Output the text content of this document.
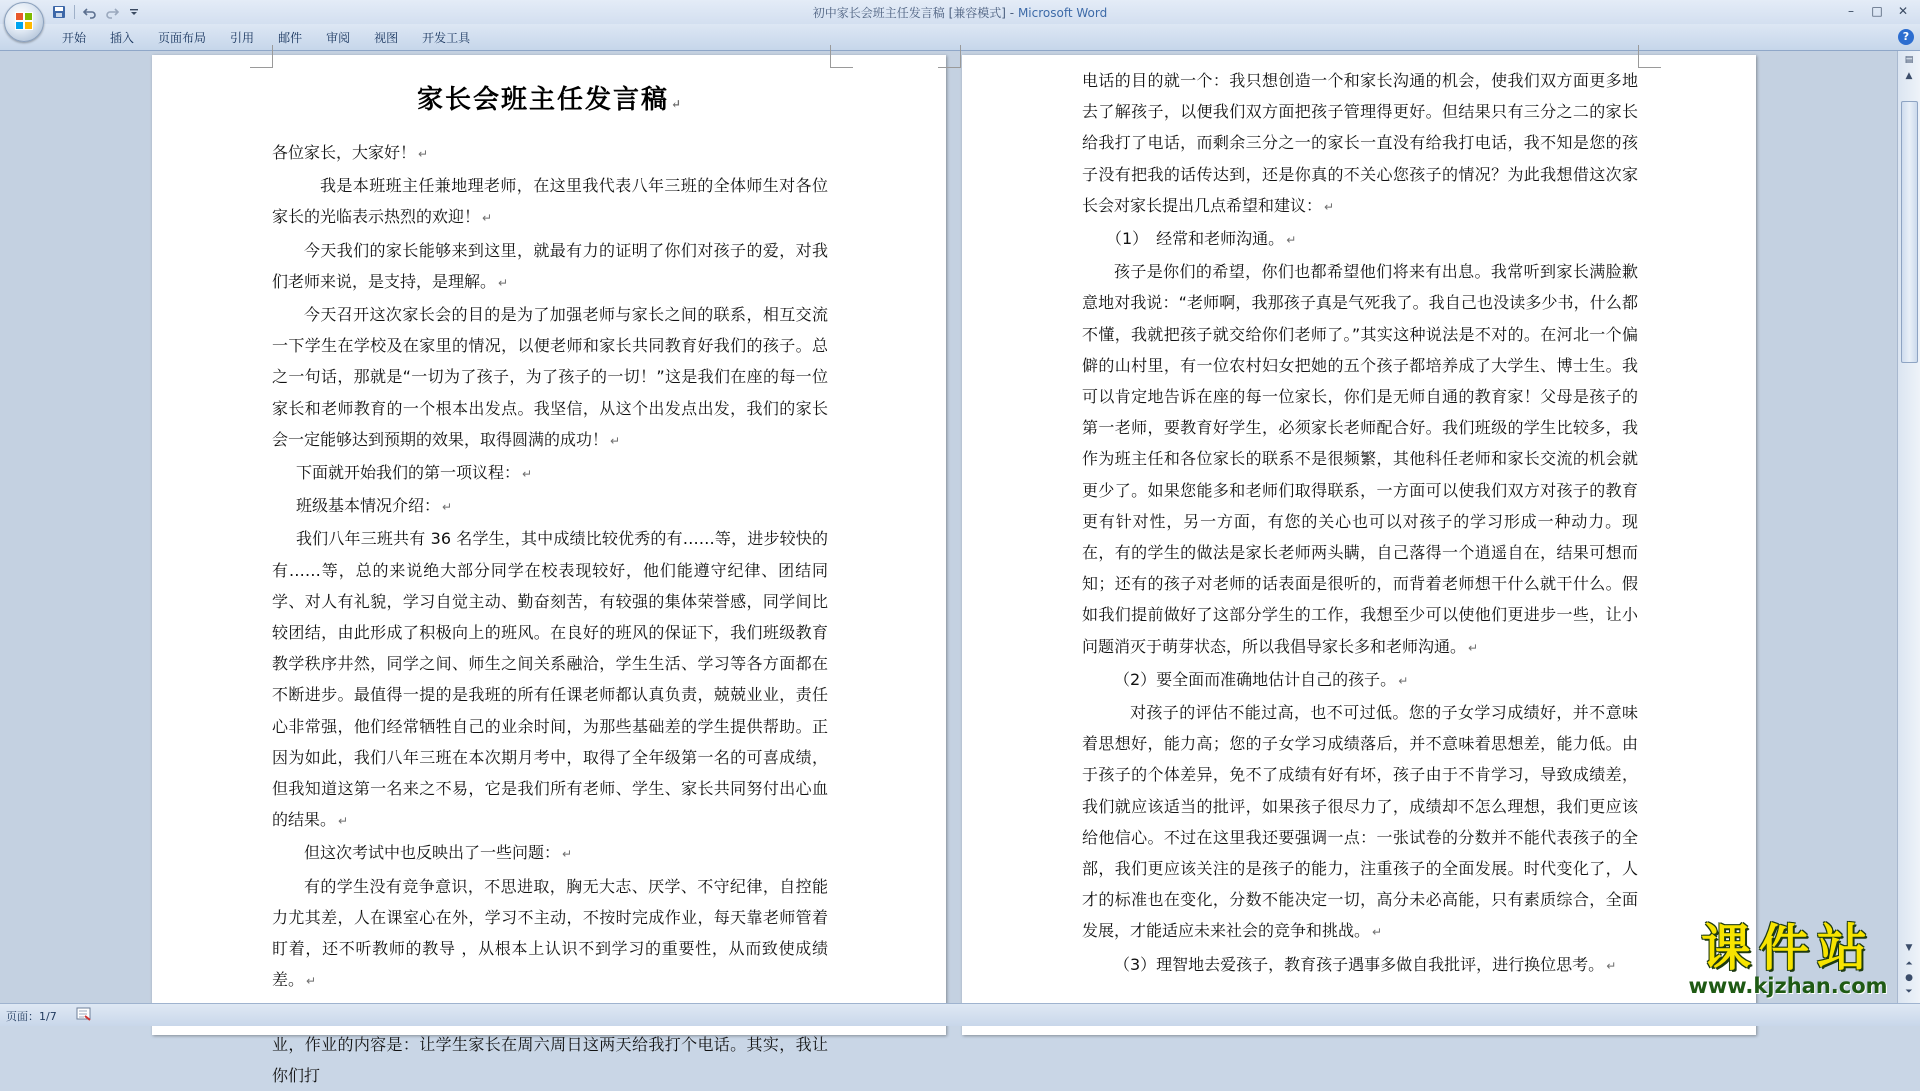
初中家长会班主任发言稿 [兼容模式] - Microsoft Word	–	□	✕
开始	插入	页面布局	引用	邮件	审阅	视图	开发工具	?
家长会班主任发言稿 ↵

各位家长，大家好！ ↵

我是本班班主任兼地理老师，在这里我代表八年三班的全体师生对各位家长的光临表示热烈的欢迎！ ↵

今天我们的家长能够来到这里，就最有力的证明了你们对孩子的爱，对我们老师来说，是支持，是理解。 ↵

今天召开这次家长会的目的是为了加强老师与家长之间的联系，相互交流一下学生在学校及在家里的情况，以便老师和家长共同教育好我们的孩子。总之一句话，那就是“一切为了孩子，为了孩子的一切！”这是我们在座的每一位家长和老师教育的一个根本出发点。我坚信，从这个出发点出发，我们的家长会一定能够达到预期的效果，取得圆满的成功！ ↵

下面就开始我们的第一项议程： ↵

班级基本情况介绍： ↵

我们八年三班共有 36 名学生，其中成绩比较优秀的有……等，进步较快的有……等，总的来说绝大部分同学在校表现较好，他们能遵守纪律、团结同学、对人有礼貌，学习自觉主动、勤奋刻苦，有较强的集体荣誉感，同学间比较团结，由此形成了积极向上的班风。在良好的班风的保证下，我们班级教育教学秩序井然，同学之间、师生之间关系融洽，学生生活、学习等各方面都在不断进步。最值得一提的是我班的所有任课老师都认真负责，兢兢业业，责任心非常强，他们经常牺牲自己的业余时间，为那些基础差的学生提供帮助。正因为如此，我们八年三班在本次期月考中，取得了全年级第一名的可喜成绩，但我知道这第一名来之不易，它是我们所有老师、学生、家长共同努付出心血的结果。 ↵

但这次考试中也反映出了一些问题： ↵

有的学生没有竞争意识，不思进取，胸无大志、厌学、不守纪律，自控能力尤其差，人在课室心在外，学习不主动，不按时完成作业，每天靠老师管着盯着，还不听教师的教导 ，从根本上认识不到学习的重要性，从而致使成绩差。 ↵

业，作业的内容是：让学生家长在周六周日这两天给我打个电话。其实，我让你们打

电话的目的就一个：我只想创造一个和家长沟通的机会，使我们双方面更多地去了解孩子，以便我们双方面把孩子管理得更好。但结果只有三分之二的家长给我打了电话，而剩余三分之一的家长一直没有给我打电话，我不知是您的孩子没有把我的话传达到，还是你真的不关心您孩子的情况？为此我想借这次家长会对家长提出几点希望和建议： ↵

（1）　经常和老师沟通。 ↵

孩子是你们的希望，你们也都希望他们将来有出息。我常听到家长满脸歉意地对我说：“老师啊，我那孩子真是气死我了。我自己也没读多少书，什么都不懂，我就把孩子就交给你们老师了。”其实这种说法是不对的。在河北一个偏僻的山村里，有一位农村妇女把她的五个孩子都培养成了大学生、博士生。我可以肯定地告诉在座的每一位家长，你们是无师自通的教育家！父母是孩子的第一老师，要教育好学生，必须家长老师配合好。我们班级的学生比较多，我作为班主任和各位家长的联系不是很频繁，其他科任老师和家长交流的机会就更少了。如果您能多和老师们取得联系，一方面可以使我们双方对孩子的教育更有针对性，另一方面，有您的关心也可以对孩子的学习形成一种动力。现在，有的学生的做法是家长老师两头瞒，自己落得一个逍遥自在，结果可想而知；还有的孩子对老师的话表面是很听的，而背着老师想干什么就干什么。假如我们提前做好了这部分学生的工作，我想至少可以使他们更进步一些，让小问题消灭于萌芽状态，所以我倡导家长多和老师沟通。 ↵

（2）要全面而准确地估计自己的孩子。 ↵

对孩子的评估不能过高，也不可过低。您的子女学习成绩好，并不意味着思想好，能力高；您的子女学习成绩落后，并不意味着思想差，能力低。由于孩子的个体差异，免不了成绩有好有坏，孩子由于不肯学习，导致成绩差，我们就应该适当的批评，如果孩子很尽力了，成绩却不怎么理想，我们更应该给他信心。不过在这里我还要强调一点：一张试卷的分数并不能代表孩子的全部，我们更应该关注的是孩子的能力，注重孩子的全面发展。时代变化了，人才的标准也在变化，分数不能决定一切，高分未必高能，只有素质综合，全面发展，才能适应未来社会的竞争和挑战。 ↵

（3）理智地去爱孩子，教育孩子遇事多做自我批评，进行换位思考。 ↵

▤
▲
▼
⏶
●
⏷
页面：1/7
课件站
www.kjzhan.com
